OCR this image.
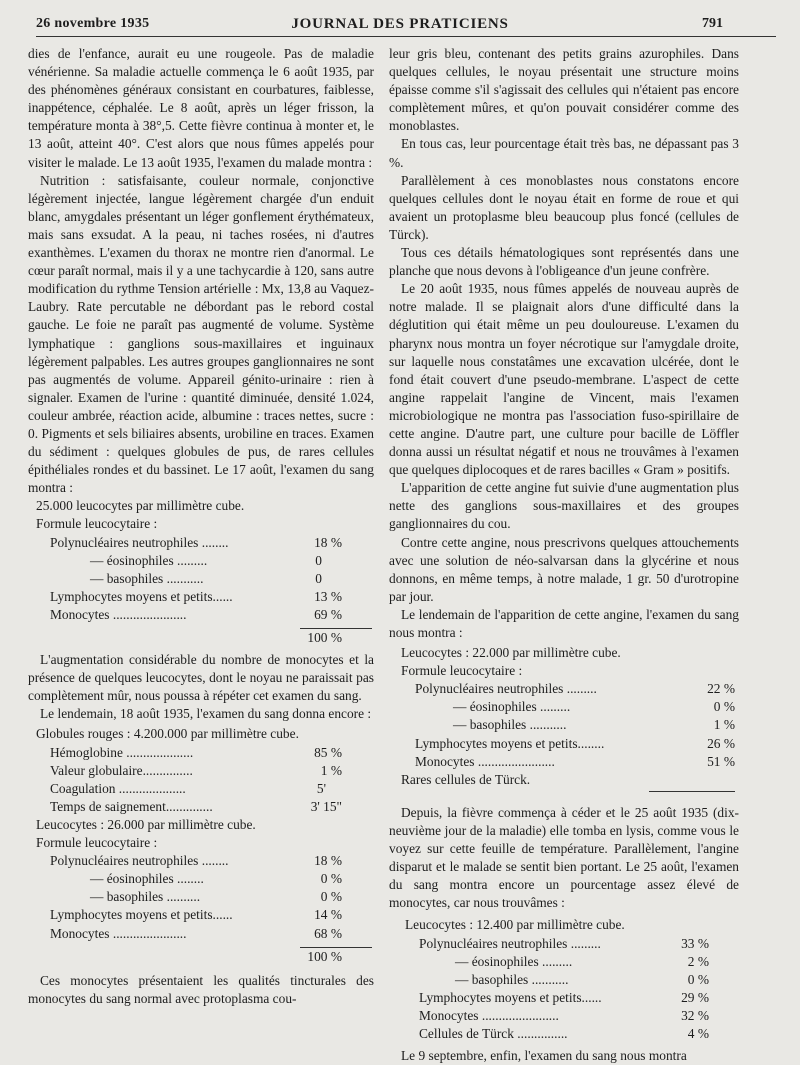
26 novembre 1935	JOURNAL DES PRATICIENS	791

dies de l'enfance, aurait eu une rougeole. Pas de maladie vénérienne. Sa maladie actuelle commença le 6 août 1935, par des phénomènes généraux consistant en courbatures, faiblesse, inappétence, céphalée. Le 8 août, après un léger frisson, la température monta à 38°,5. Cette fièvre continua à monter et, le 13 août, atteint 40°. C'est alors que nous fûmes appelés pour visiter le malade. Le 13 août 1935, l'examen du malade montra :

Nutrition : satisfaisante, couleur normale, conjonctive légèrement injectée, langue légèrement chargée d'un enduit blanc, amygdales présentant un léger gonflement érythémateux, mais sans exsudat. A la peau, ni taches rosées, ni d'autres exanthèmes. L'examen du thorax ne montre rien d'anormal. Le cœur paraît normal, mais il y a une tachycardie à 120, sans autre modification du rythme Tension artérielle : Mx, 13,8 au Vaquez-Laubry. Rate percutable ne débordant pas le rebord costal gauche. Le foie ne paraît pas augmenté de volume. Système lymphatique : ganglions sous-maxillaires et inguinaux légèrement palpables. Les autres groupes ganglionnaires ne sont pas augmentés de volume. Appareil génito-urinaire : rien à signaler. Examen de l'urine : quantité diminuée, densité 1.024, couleur ambrée, réaction acide, albumine : traces nettes, sucre : 0. Pigments et sels biliaires absents, urobiline en traces. Examen du sédiment : quelques globules de pus, de rares cellules épithéliales rondes et du bassinet. Le 17 août, l'examen du sang montra :

25.000 leucocytes par millimètre cube.
Formule leucocytaire :
Polynucléaires neutrophiles ........	18 %
— éosinophiles .........	0
— basophiles ...........	0
Lymphocytes moyens et petits......	13 %
Monocytes ......................	69 %
100 %

L'augmentation considérable du nombre de monocytes et la présence de quelques leucocytes, dont le noyau ne paraissait pas complètement mûr, nous poussa à répéter cet examen du sang.

Le lendemain, 18 août 1935, l'examen du sang donna encore :

Globules rouges : 4.200.000 par millimètre cube.
Hémoglobine ....................	85 %
Valeur globulaire...............	1 %
Coagulation ....................	5'
Temps de saignement..............	3' 15"
Leucocytes : 26.000 par millimètre cube.
Formule leucocytaire :
Polynucléaires neutrophiles ........	18 %
— éosinophiles ........	0 %
— basophiles ..........	0 %
Lymphocytes moyens et petits......	14 %
Monocytes ......................	68 %
100 %

Ces monocytes présentaient les qualités tincturales des monocytes du sang normal avec protoplasma cou-

leur gris bleu, contenant des petits grains azurophiles. Dans quelques cellules, le noyau présentait une structure moins épaisse comme s'il s'agissait des cellules qui n'étaient pas encore complètement mûres, et qu'on pouvait considérer comme des monoblastes.

En tous cas, leur pourcentage était très bas, ne dépassant pas 3 %.

Parallèlement à ces monoblastes nous constatons encore quelques cellules dont le noyau était en forme de roue et qui avaient un protoplasme bleu beaucoup plus foncé (cellules de Türck).

Tous ces détails hématologiques sont représentés dans une planche que nous devons à l'obligeance d'un jeune confrère.

Le 20 août 1935, nous fûmes appelés de nouveau auprès de notre malade. Il se plaignait alors d'une difficulté dans la déglutition qui était même un peu douloureuse. L'examen du pharynx nous montra un foyer nécrotique sur l'amygdale droite, sur laquelle nous constatâmes une excavation ulcérée, dont le fond était couvert d'une pseudo-membrane. L'aspect de cette angine rappelait l'angine de Vincent, mais l'examen microbiologique ne montra pas l'association fuso-spirillaire de cette angine. D'autre part, une culture pour bacille de Löffler donna aussi un résultat négatif et nous ne trouvâmes à l'examen que quelques diplocoques et de rares bacilles « Gram » positifs.

L'apparition de cette angine fut suivie d'une augmentation plus nette des ganglions sous-maxillaires et des groupes ganglionnaires du cou.

Contre cette angine, nous prescrivons quelques attouchements avec une solution de néo-salvarsan dans la glycérine et nous donnons, en même temps, à notre malade, 1 gr. 50 d'urotropine par jour.

Le lendemain de l'apparition de cette angine, l'examen du sang nous montra :

Leucocytes : 22.000 par millimètre cube.
Formule leucocytaire :
Polynucléaires neutrophiles .........	22 %
— éosinophiles .........	0 %
— basophiles ...........	1 %
Lymphocytes moyens et petits........	26 %
Monocytes .......................	51 %
Rares cellules de Türck.

Depuis, la fièvre commença à céder et le 25 août 1935 (dix-neuvième jour de la maladie) elle tomba en lysis, comme vous le voyez sur cette feuille de température. Parallèlement, l'angine disparut et le malade se sentit bien portant. Le 25 août, l'examen du sang montra encore un pourcentage assez élevé de monocytes, car nous trouvâmes :

Leucocytes : 12.400 par millimètre cube.
Polynucléaires neutrophiles .........	33 %
— éosinophiles .........	2 %
— basophiles ...........	0 %
Lymphocytes moyens et petits......	29 %
Monocytes .......................	32 %
Cellules de Türck ...............	4 %

Le 9 septembre, enfin, l'examen du sang nous montra
